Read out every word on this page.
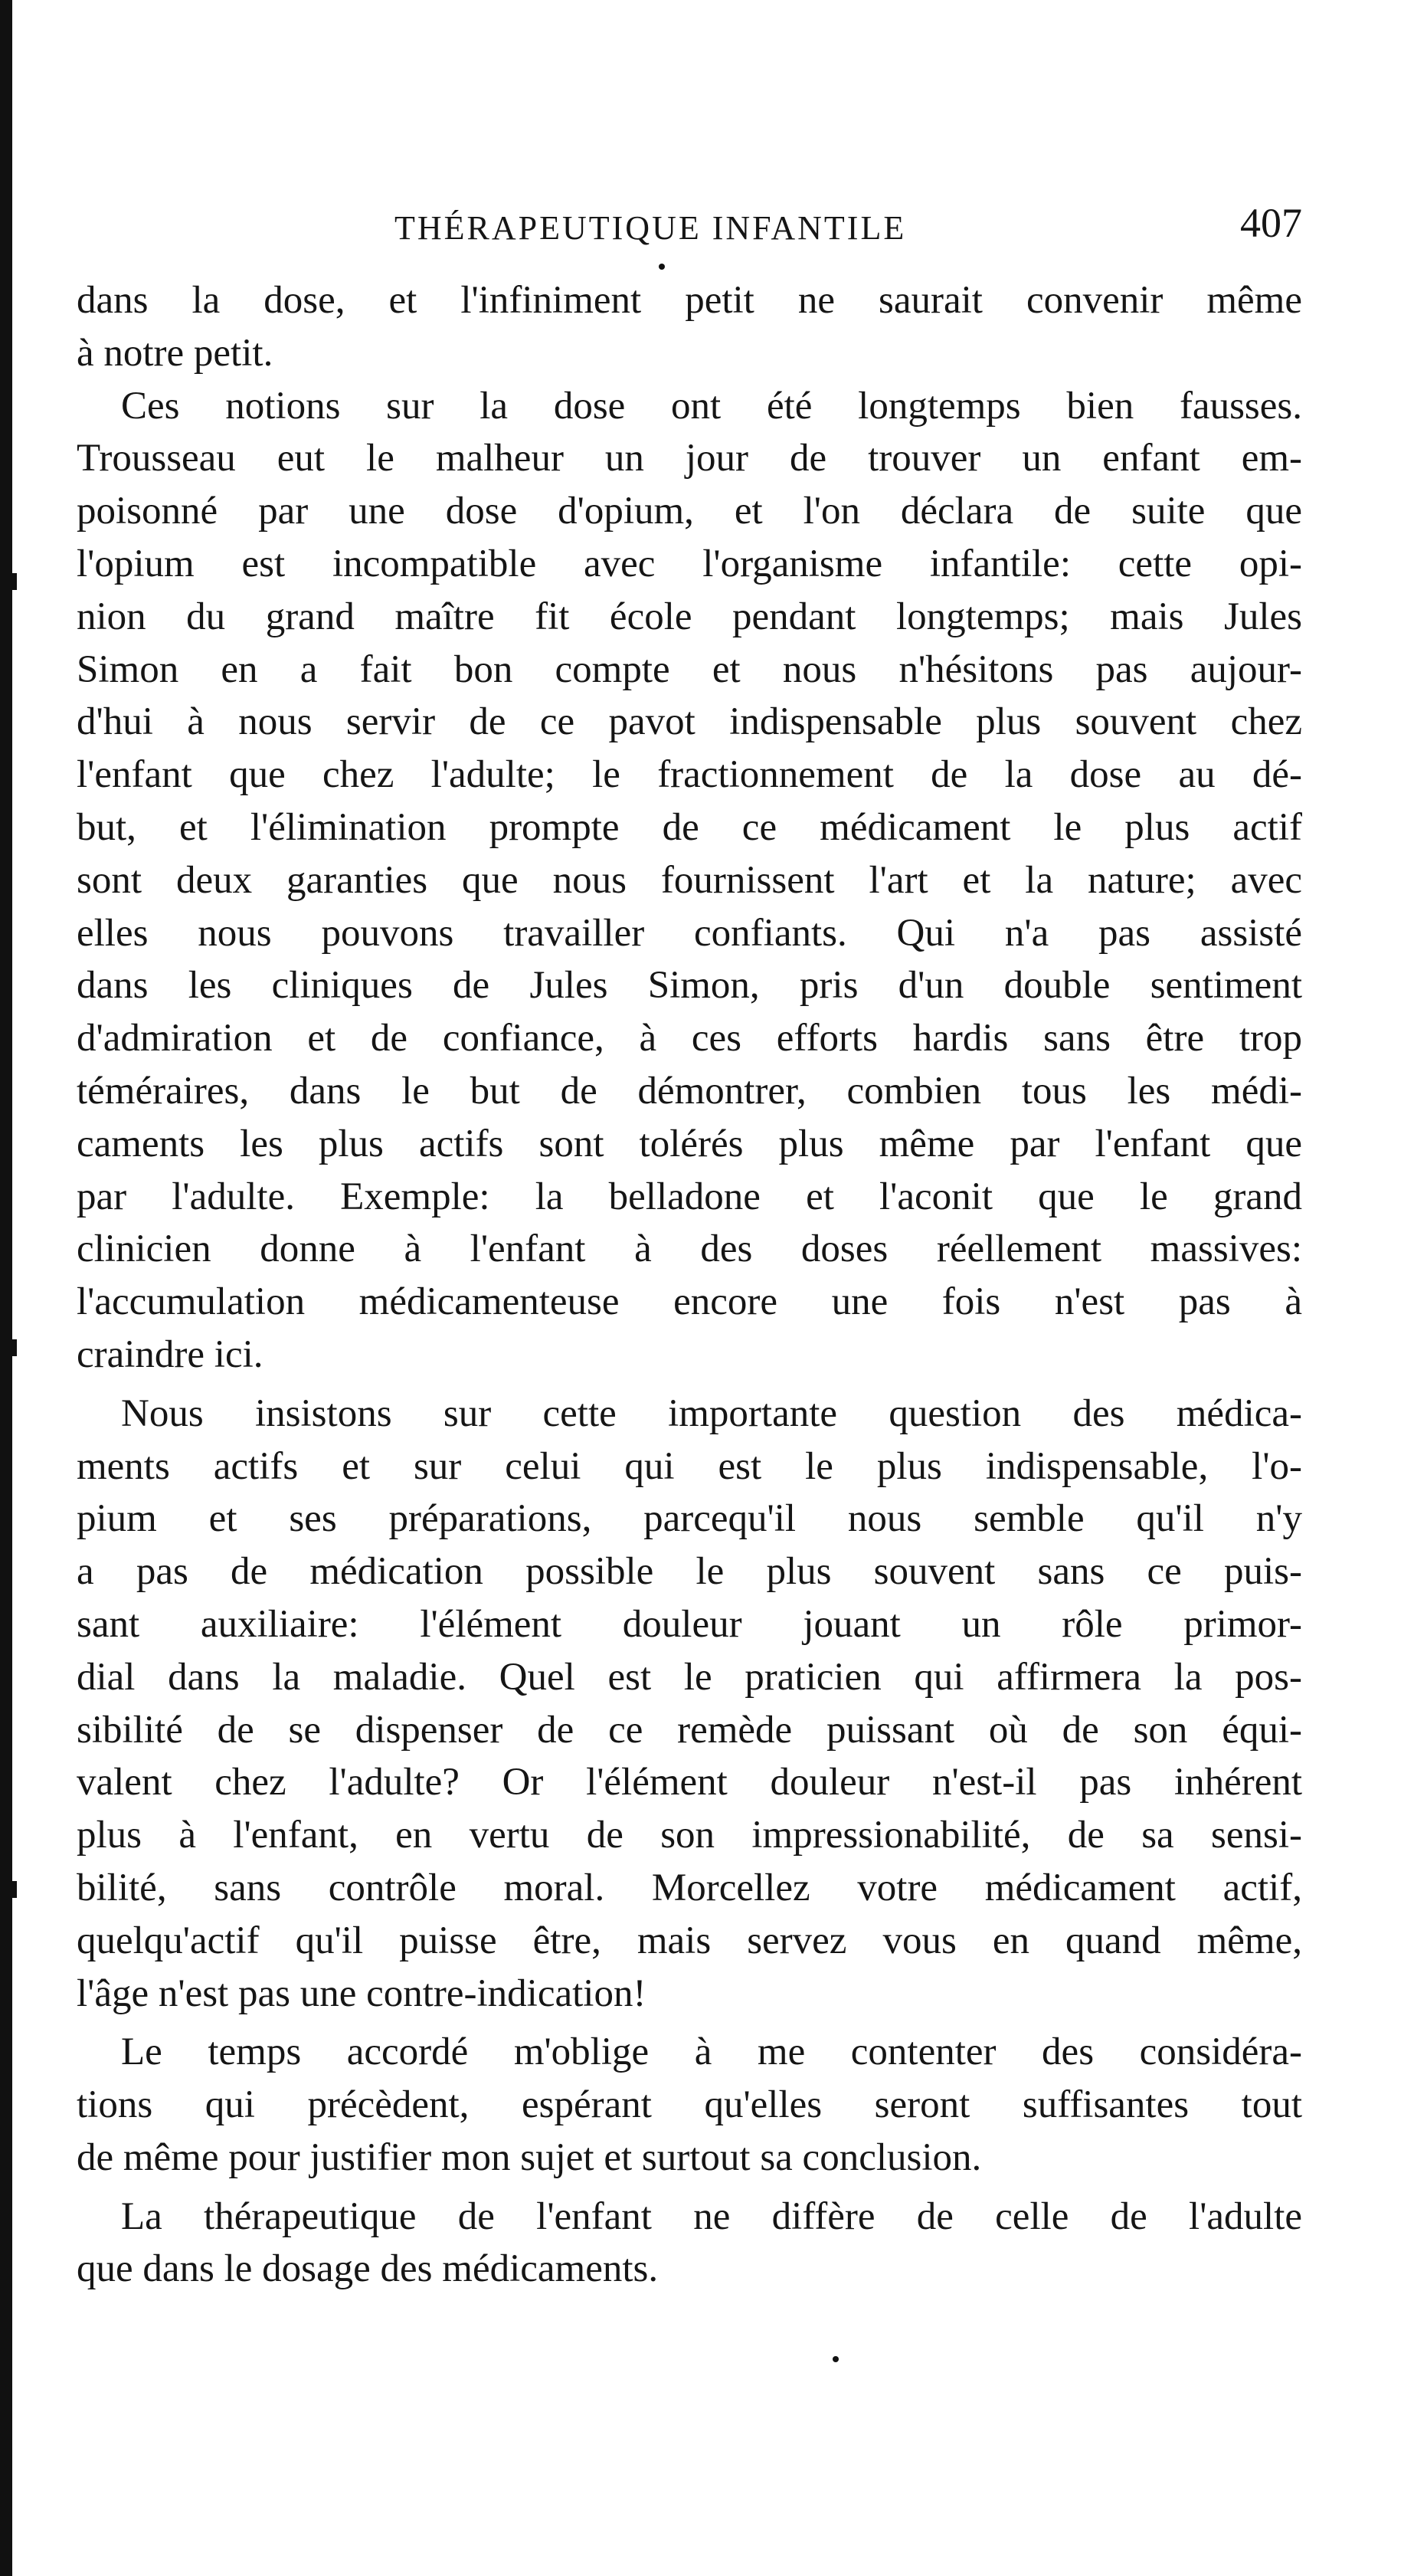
THÉRAPEUTIQUE INFANTILE	407
dans la dose, et l'infiniment petit ne saurait convenir même
à notre petit.
Ces notions sur la dose ont été longtemps bien fausses.
Trousseau eut le malheur un jour de trouver un enfant em-
poisonné par une dose d'opium, et l'on déclara de suite que
l'opium est incompatible avec l'organisme infantile: cette opi-
nion du grand maître fit école pendant longtemps; mais Jules
Simon en a fait bon compte et nous n'hésitons pas aujour-
d'hui à nous servir de ce pavot indispensable plus souvent chez
l'enfant que chez l'adulte; le fractionnement de la dose au dé-
but, et l'élimination prompte de ce médicament le plus actif
sont deux garanties que nous fournissent l'art et la nature; avec
elles nous pouvons travailler confiants. Qui n'a pas assisté
dans les cliniques de Jules Simon, pris d'un double sentiment
d'admiration et de confiance, à ces efforts hardis sans être trop
téméraires, dans le but de démontrer, combien tous les médi-
caments les plus actifs sont tolérés plus même par l'enfant que
par l'adulte. Exemple: la belladone et l'aconit que le grand
clinicien donne à l'enfant à des doses réellement massives:
l'accumulation médicamenteuse encore une fois n'est pas à
craindre ici.
Nous insistons sur cette importante question des médica-
ments actifs et sur celui qui est le plus indispensable, l'o-
pium et ses préparations, parcequ'il nous semble qu'il n'y
a pas de médication possible le plus souvent sans ce puis-
sant auxiliaire: l'élément douleur jouant un rôle primor-
dial dans la maladie. Quel est le praticien qui affirmera la pos-
sibilité de se dispenser de ce remède puissant où de son équi-
valent chez l'adulte? Or l'élément douleur n'est-il pas inhérent
plus à l'enfant, en vertu de son impressionabilité, de sa sensi-
bilité, sans contrôle moral. Morcellez votre médicament actif,
quelqu'actif qu'il puisse être, mais servez vous en quand même,
l'âge n'est pas une contre-indication!
Le temps accordé m'oblige à me contenter des considéra-
tions qui précèdent, espérant qu'elles seront suffisantes tout
de même pour justifier mon sujet et surtout sa conclusion.
La thérapeutique de l'enfant ne diffère de celle de l'adulte
que dans le dosage des médicaments.
